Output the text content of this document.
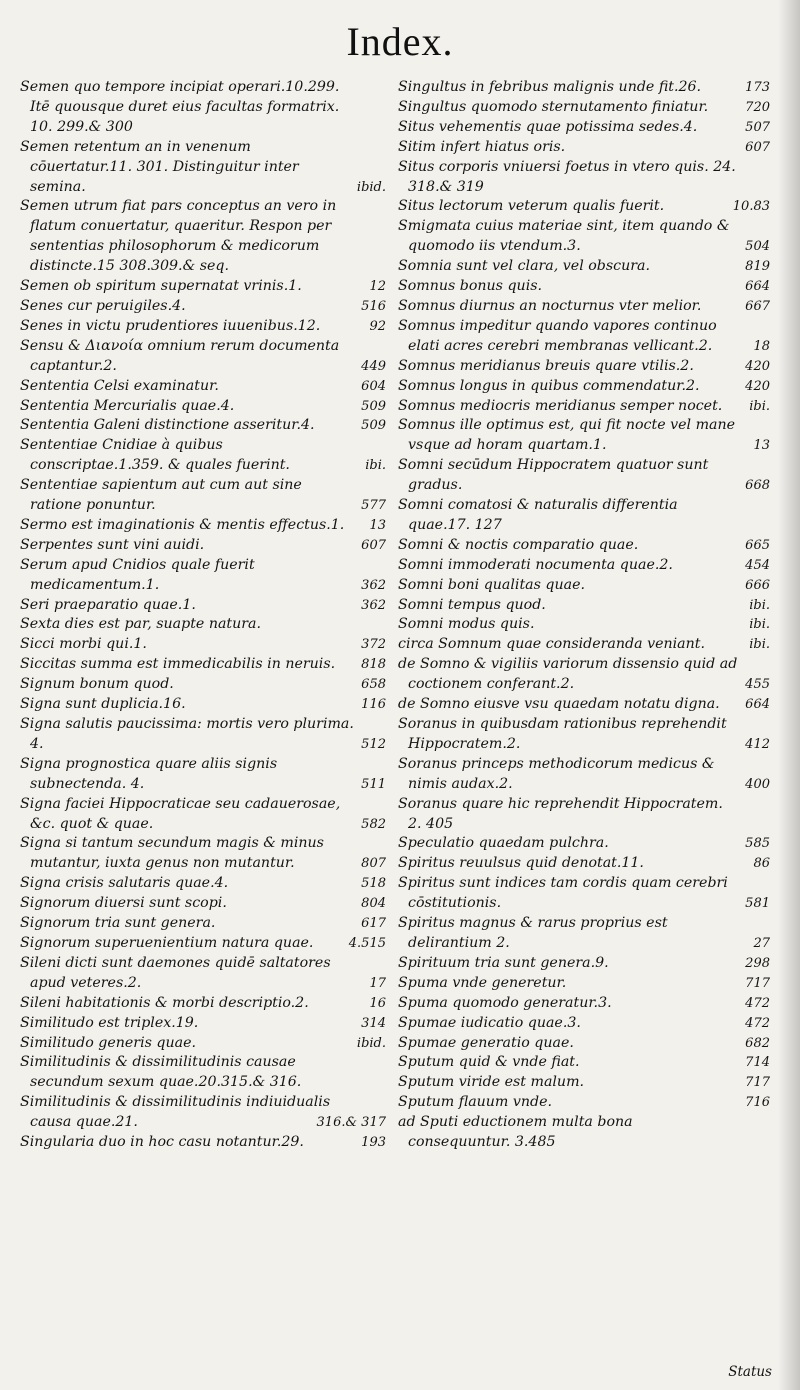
Index.
Semen quo tempore incipiat operari.10.299. Itē quousque duret eius facultas formatrix. 10. 299.& 300
Semen retentum an in venenum cōuertatur.11. 301. Distinguitur inter semina.	ibid.
Semen utrum fiat pars conceptus an vero in flatum conuertatur, quaeritur. Respon per sententias philosophorum & medicorum distincte.15 308.309.& seq.
Semen ob spiritum supernatat vrinis.1.	12
Senes cur peruigiles.4.	516
Senes in victu prudentiores iuuenibus.12.	92
Sensu & Διανοία omnium rerum documenta captantur.2.	449
Sententia Celsi examinatur.	604
Sententia Mercurialis quae.4.	509
Sententia Galeni distinctione asseritur.4.	509
Sententiae Cnidiae à quibus conscriptae.1.359. & quales fuerint.	ibi.
Sententiae sapientum aut cum aut sine ratione ponuntur.	577
Sermo est imaginationis & mentis effectus.1. 13
Serpentes sunt vini auidi.	607
Serum apud Cnidios quale fuerit medicamentum.1.	362
Seri praeparatio quae.1.	362
Sexta dies est par, suapte natura.
Sicci morbi qui.1.	372
Siccitas summa est immedicabilis in neruis. 818
Signum bonum quod.	658
Signa sunt duplicia.16.	116
Signa salutis paucissima: mortis vero plurima. 4.	512
Signa prognostica quare aliis signis subnectenda. 4.	511
Signa faciei Hippocraticae seu cadauerosae, &c. quot & quae.	582
Signa si tantum secundum magis & minus mutantur, iuxta genus non mutantur.	807
Signa crisis salutaris quae.4.	518
Signorum diuersi sunt scopi.	804
Signorum tria sunt genera.	617
Signorum superuenientium natura quae.	4.515
Sileni dicti sunt daemones quidē saltatores apud veteres.2.	17
Sileni habitationis & morbi descriptio.2.	16
Similitudo est triplex.19.	314
Similitudo generis quae.	ibid.
Similitudinis & dissimilitudinis causae secundum sexum quae.20.315.& 316.
Similitudinis & dissimilitudinis indiuidualis causa quae.21.	316.& 317
Singularia duo in hoc casu notantur.29.	193
Singultus in febribus malignis unde fit.26.	173
Singultus quomodo sternutamento finiatur.	720
Situs vehementis quae potissima sedes.4.	507
Sitim infert hiatus oris.	607
Situs corporis vniuersi foetus in vtero quis. 24. 318.& 319
Situs lectorum veterum qualis fuerit.	10.83
Smigmata cuius materiae sint, item quando & quomodo iis vtendum.3.	504
Somnia sunt vel clara, vel obscura.	819
Somnus bonus quis.	664
Somnus diurnus an nocturnus vter melior.	667
Somnus impeditur quando vapores continuo elati acres cerebri membranas vellicant.2.	18
Somnus meridianus breuis quare vtilis.2.	420
Somnus longus in quibus commendatur.2.	420
Somnus mediocris meridianus semper nocet. ibi.
Somnus ille optimus est, qui fit nocte vel mane vsque ad horam quartam.1.	13
Somni secūdum Hippocratem quatuor sunt gradus.	668
Somni comatosi & naturalis differentia quae.17. 127
Somni & noctis comparatio quae.	665
Somni immoderati nocumenta quae.2.	454
Somni boni qualitas quae.	666
Somni tempus quod.	ibi.
Somni modus quis.	ibi.
circa Somnum quae consideranda veniant.	ibi.
de Somno & vigiliis variorum dissensio quid ad coctionem conferant.2.	455
de Somno eiusve vsu quaedam notatu digna. 664
Soranus in quibusdam rationibus reprehendit Hippocratem.2.	412
Soranus princeps methodicorum medicus & nimis audax.2.	400
Soranus quare hic reprehendit Hippocratem. 2. 405
Speculatio quaedam pulchra.	585
Spiritus reuulsus quid denotat.11.	86
Spiritus sunt indices tam cordis quam cerebri cōstitutionis.	581
Spiritus magnus & rarus proprius est delirantium 2.	27
Spirituum tria sunt genera.9.	298
Spuma vnde generetur.	717
Spuma quomodo generatur.3.	472
Spumae iudicatio quae.3.	472
Spumae generatio quae.	682
Sputum quid & vnde fiat.	714
Sputum viride est malum.	717
Sputum flauum vnde.	716
ad Sputi eductionem multa bona consequuntur. 3.485
Status
